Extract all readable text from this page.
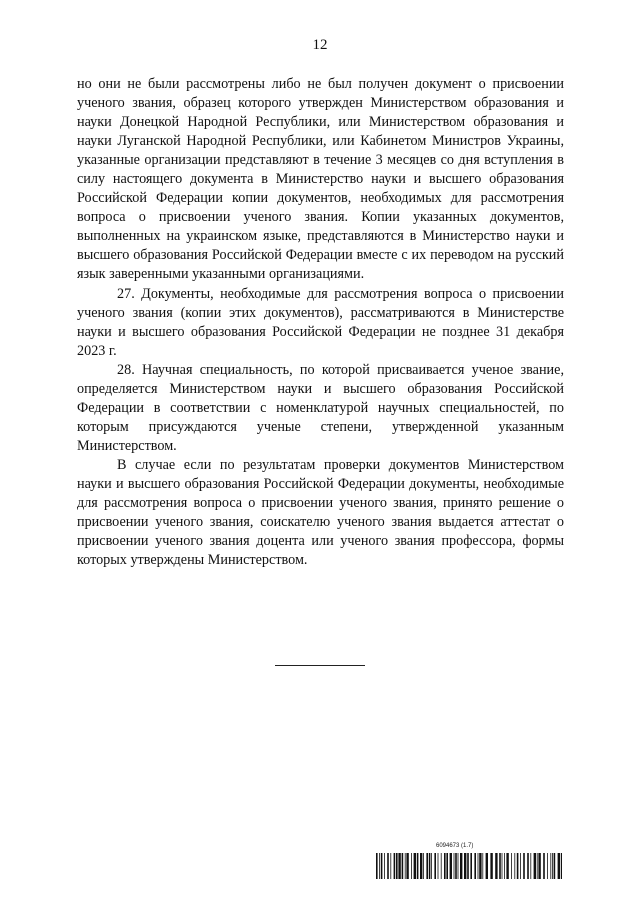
12

но они не были рассмотрены либо не был получен документ о присвоении ученого звания, образец которого утвержден Министерством образования и науки Донецкой Народной Республики, или Министерством образования и науки Луганской Народной Республики, или Кабинетом Министров Украины, указанные организации представляют в течение 3 месяцев со дня вступления в силу настоящего документа в Министерство науки и высшего образования Российской Федерации копии документов, необходимых для рассмотрения вопроса о присвоении ученого звания. Копии указанных документов, выполненных на украинском языке, представляются в Министерство науки и высшего образования Российской Федерации вместе с их переводом на русский язык заверенными указанными организациями.

27. Документы, необходимые для рассмотрения вопроса о присвоении ученого звания (копии этих документов), рассматриваются в Министерстве науки и высшего образования Российской Федерации не позднее 31 декабря 2023 г.

28. Научная специальность, по которой присваивается ученое звание, определяется Министерством науки и высшего образования Российской Федерации в соответствии с номенклатурой научных специальностей, по которым присуждаются ученые степени, утвержденной указанным Министерством.

В случае если по результатам проверки документов Министерством науки и высшего образования Российской Федерации документы, необходимые для рассмотрения вопроса о присвоении ученого звания, принято решение о присвоении ученого звания, соискателю ученого звания выдается аттестат о присвоении ученого звания доцента или ученого звания профессора, формы которых утверждены Министерством.

6094673 (1.7)
